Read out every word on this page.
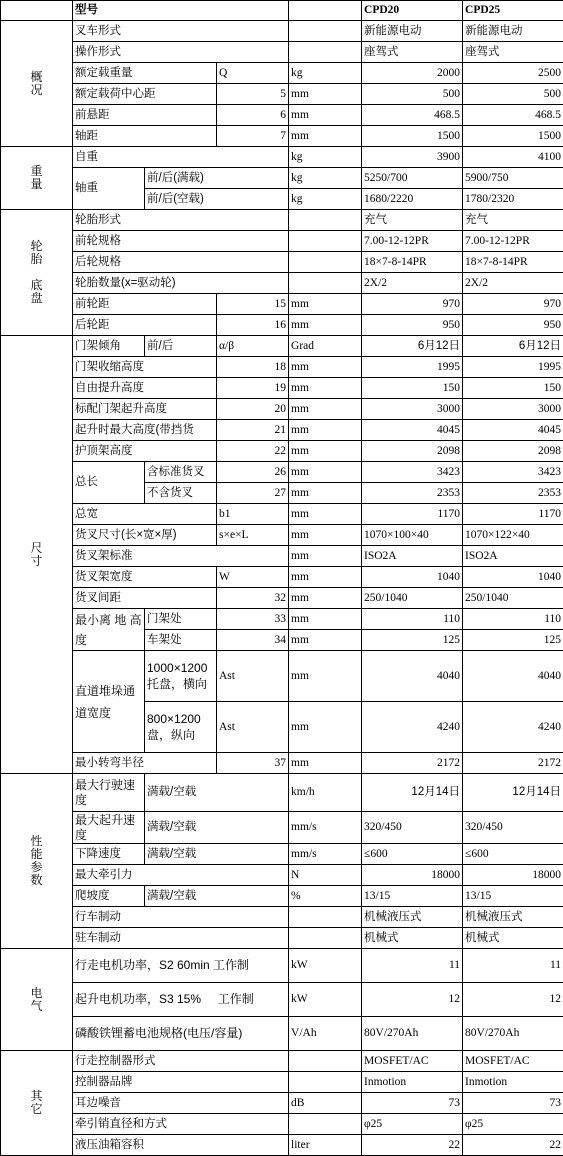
	型号				CPD20	CPD25
概
况	叉车形式				新能源电动	新能源电动
	操作形式				座驾式	座驾式
	额定载重量		Q	kg	2000	2500
	额定载荷中心距		5	mm	500	500
	前悬距		6	mm	468.5	468.5
	轴距		7	mm	1500	1500
重
量	自重			kg	3900	4100
	轴重	前/后(满载)		kg	5250/700	5900/750
		前/后(空载)		kg	1680/2220	1780/2320
轮
胎

底
盘	轮胎形式				充气	充气
	前轮规格				7.00-12-12PR	7.00-12-12PR
	后轮规格				18×7-8-14PR	18×7-8-14PR
	轮胎数量(x=驱动轮)				2X/2	2X/2
	前轮距		15	mm	970	970
	后轮距		16	mm	950	950
尺
寸	门架倾角	前/后	α/β	Grad	6月12日	6月12日
	门架收缩高度		18	mm	1995	1995
	自由提升高度		19	mm	150	150
	标配门架起升高度		20	mm	3000	3000
	起升时最大高度(带挡货		21	mm	4045	4045
	护顶架高度		22	mm	2098	2098
	总长	含标准货叉	26	mm	3423	3423
		不含货叉	27	mm	2353	2353
	总宽		b1	mm	1170	1170
	货叉尺寸(长×宽×厚)		s×e×L	mm	1070×100×40	1070×122×40
	货叉架标准			mm	ISO2A	ISO2A
	货叉架宽度		W	mm	1040	1040
	货叉间距		32	mm	250/1040	250/1040
	最小离 地 高度	门架处	33	mm	110	110
		车架处	34	mm	125	125
	直道堆垛通道宽度	1000×1200托盘，横向	Ast	mm	4040	4040
		800×1200盘，纵向	Ast	mm	4240	4240
	最小转弯半径		37	mm	2172	2172
性
能
参
数	最大行驶速度	满载/空载		km/h	12月14日	12月14日
	最大起升速度	满载/空载		mm/s	320/450	320/450
	下降速度	满载/空载		mm/s	≤600	≤600
	最大牵引力			N	18000	18000
	爬坡度	满载/空载		%	13/15	13/15
	行车制动				机械液压式	机械液压式
	驻车制动				机械式	机械式
电
气	行走电机功率，S2 60min 工作制			kW	11	11
	起升电机功率，S3 15%     工作制			kW	12	12
	磷酸铁锂蓄电池规格(电压/容量)			V/Ah	80V/270Ah	80V/270Ah
其
它	行走控制器形式				MOSFET/AC	MOSFET/AC
	控制器品牌				Inmotion	Inmotion
	耳边噪音			dB	73	73
	牵引销直径和方式				φ25	φ25
	液压油箱容积			liter	22	22
